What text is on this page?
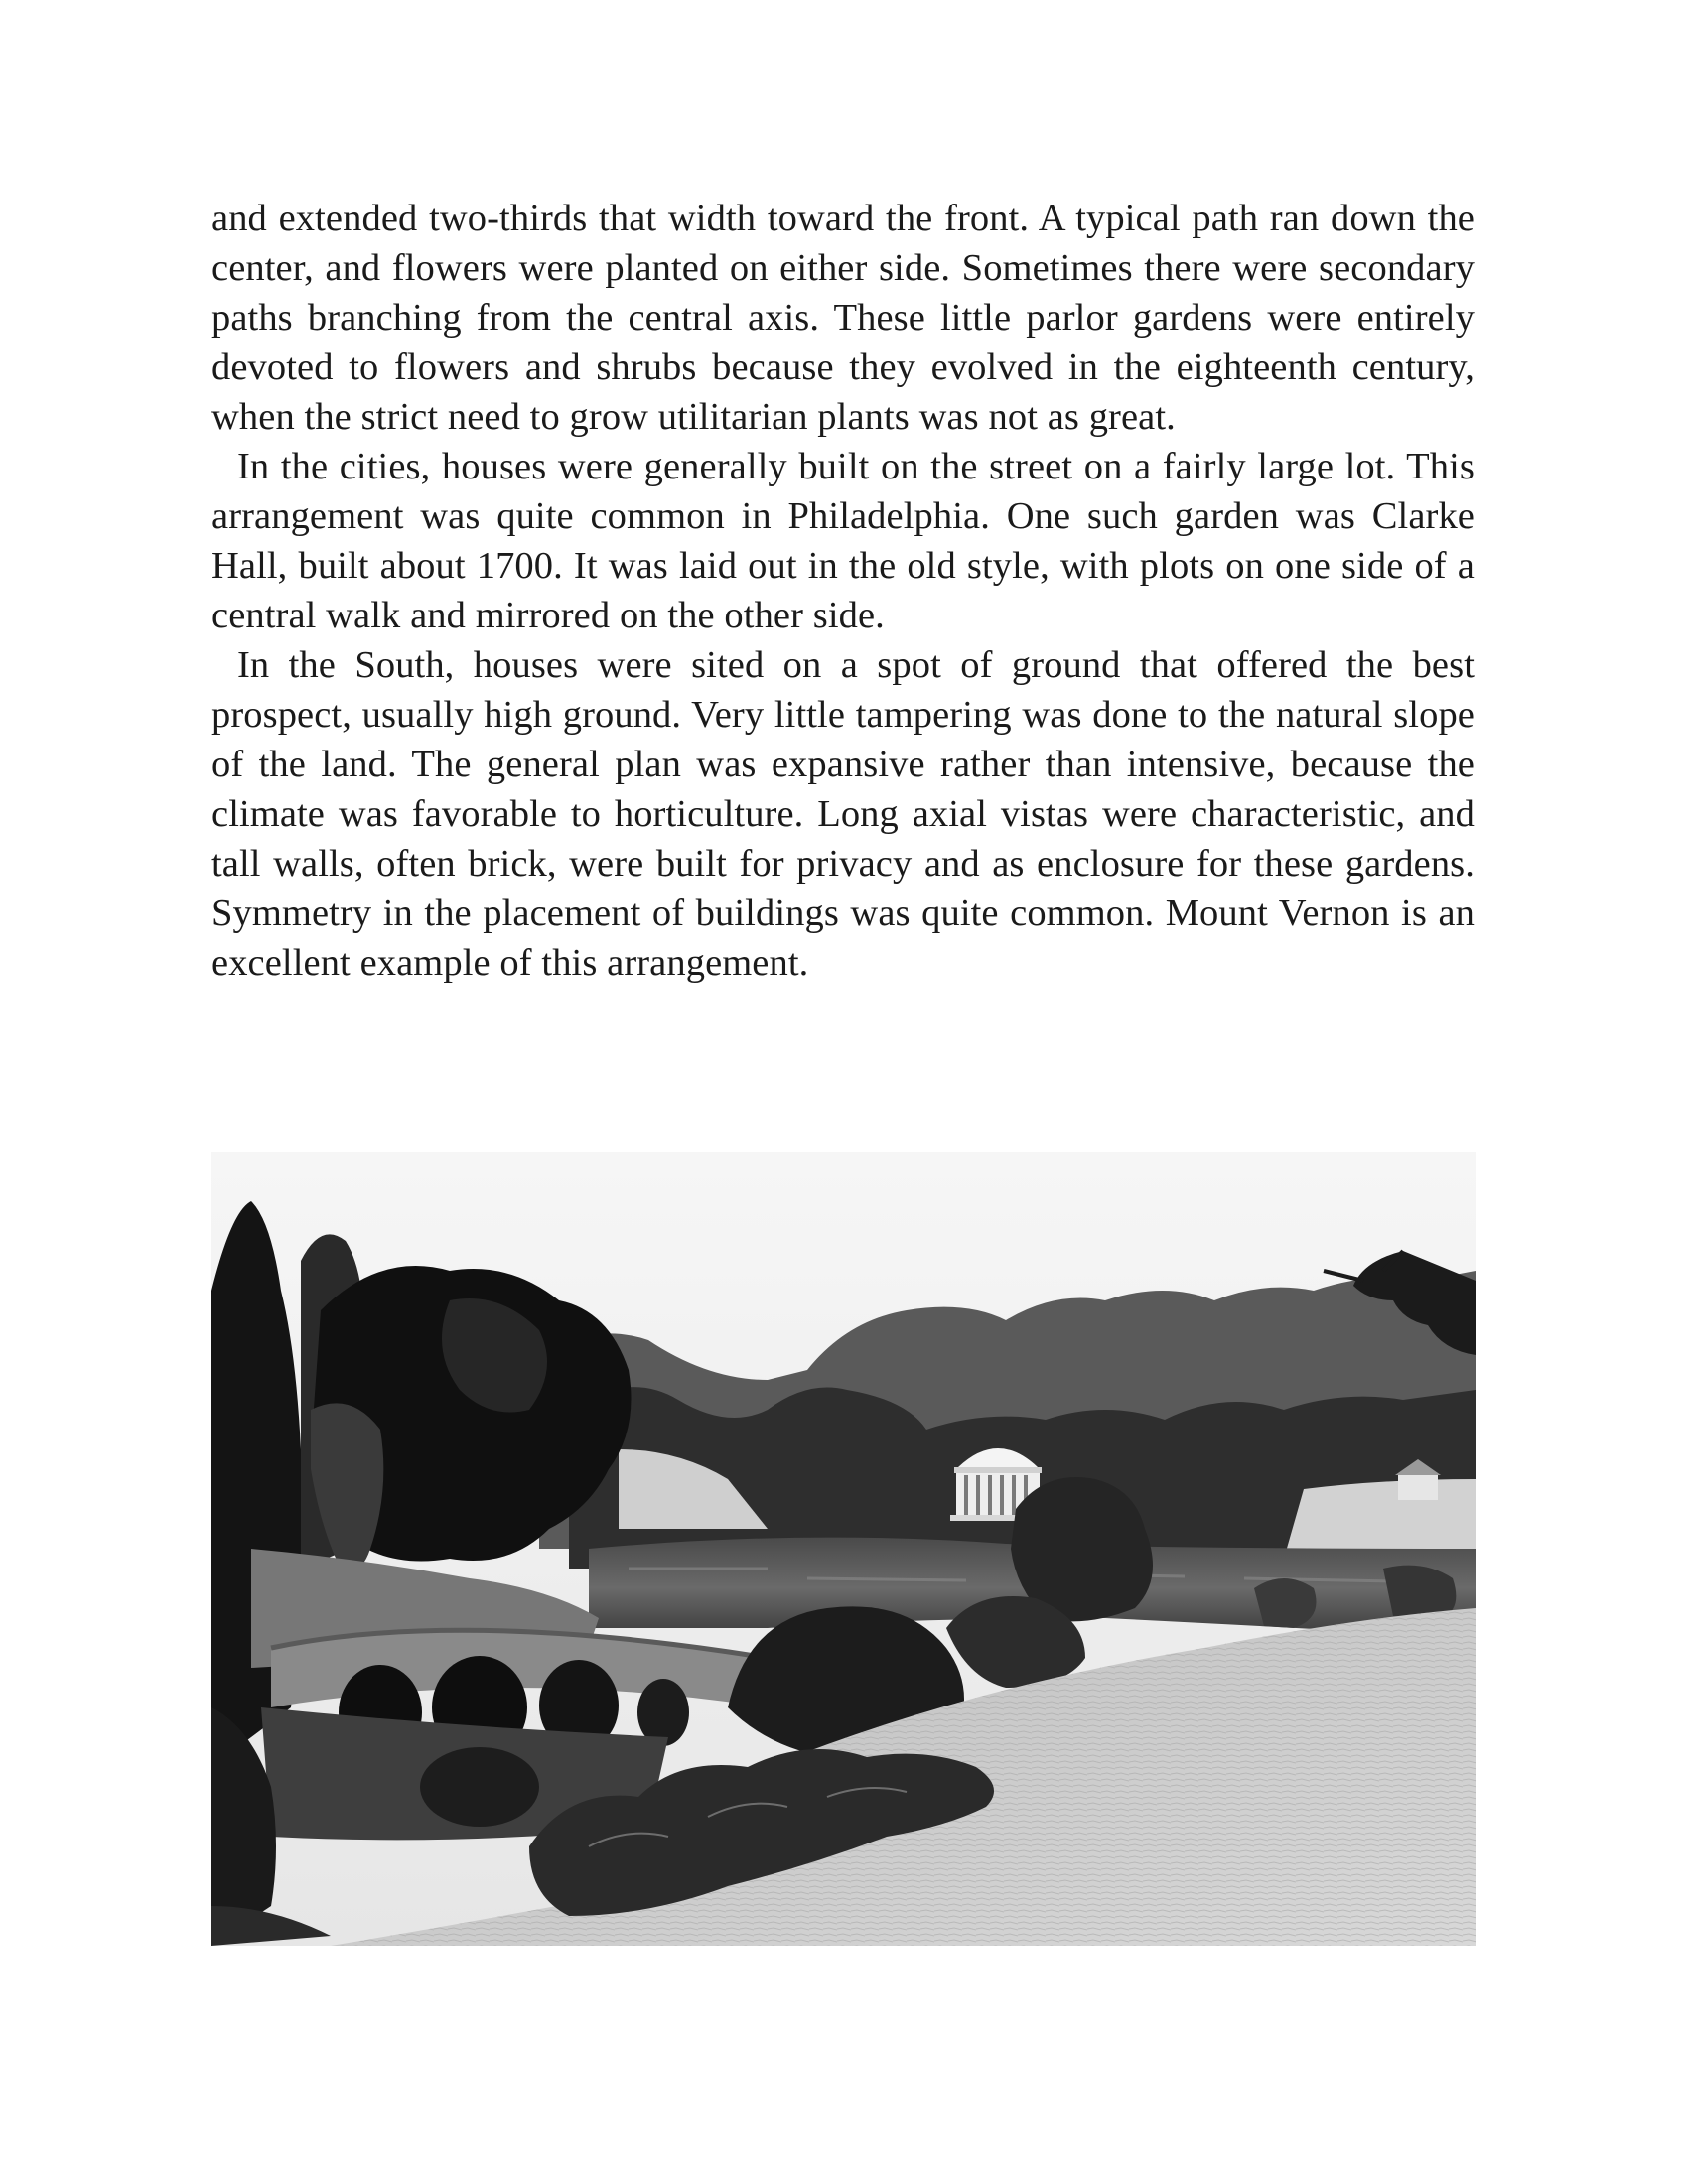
and extended two-thirds that width toward the front. A typical path ran down the center, and flowers were planted on either side. Sometimes there were secondary paths branching from the central axis. These little parlor gardens were entirely devoted to flowers and shrubs because they evolved in the eighteenth century, when the strict need to grow utilitarian plants was not as great.

In the cities, houses were generally built on the street on a fairly large lot. This arrangement was quite common in Philadelphia. One such garden was Clarke Hall, built about 1700. It was laid out in the old style, with plots on one side of a central walk and mirrored on the other side.

In the South, houses were sited on a spot of ground that offered the best prospect, usually high ground. Very little tampering was done to the natural slope of the land. The general plan was expansive rather than intensive, because the climate was favorable to horticulture. Long axial vistas were characteristic, and tall walls, often brick, were built for privacy and as enclosure for these gardens. Symmetry in the placement of buildings was quite common. Mount Vernon is an excellent example of this arrangement.
